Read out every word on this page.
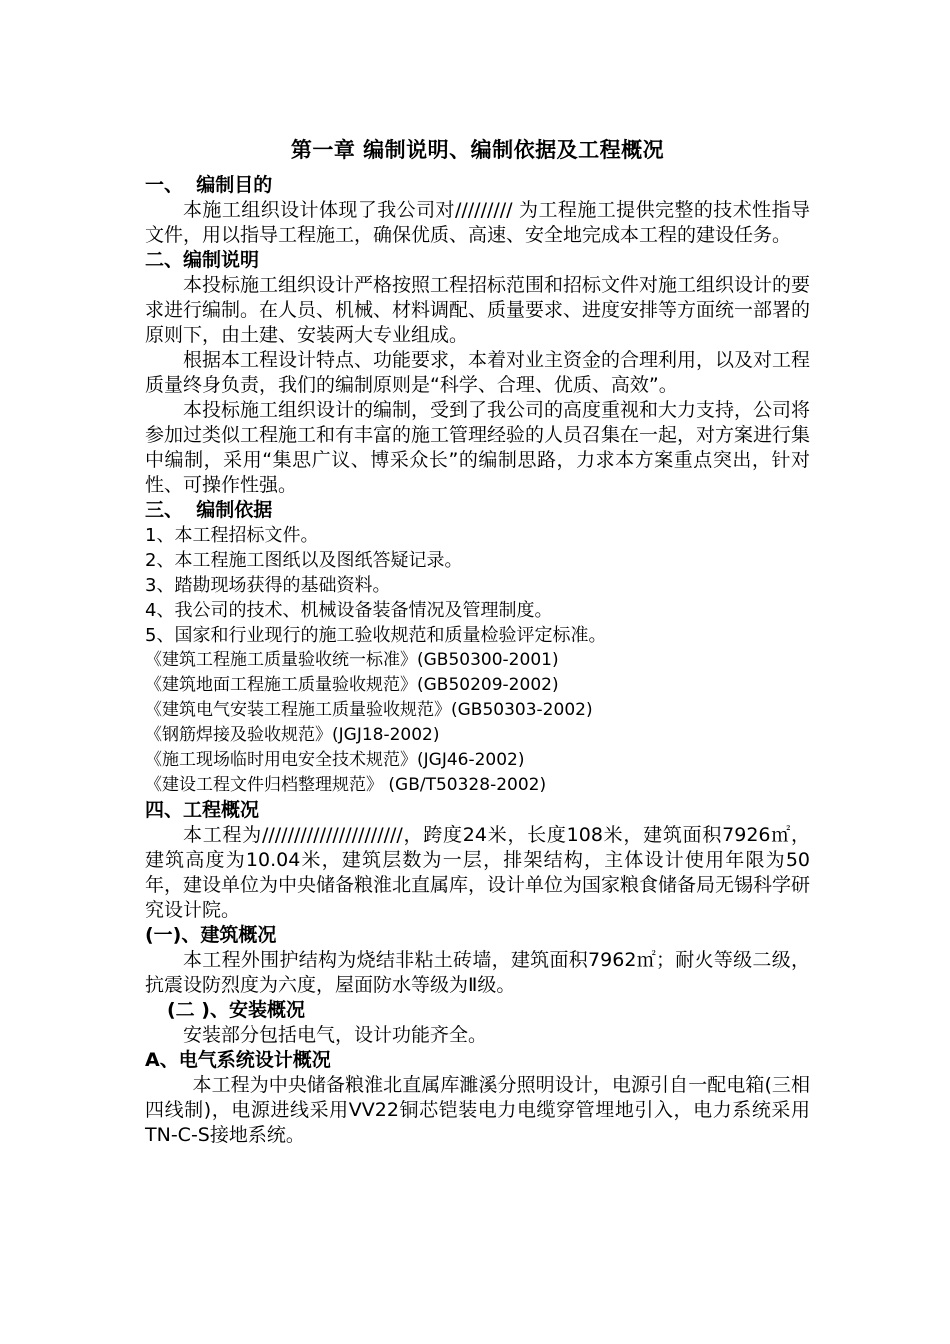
第一章 编制说明、编制依据及工程概况
一、  编制目的
本施工组织设计体现了我公司对///////// 为工程施工提供完整的技术性指导文件，用以指导工程施工，确保优质、高速、安全地完成本工程的建设任务。
二、编制说明
本投标施工组织设计严格按照工程招标范围和招标文件对施工组织设计的要求进行编制。在人员、机械、材料调配、质量要求、进度安排等方面统一部署的原则下，由土建、安装两大专业组成。
根据本工程设计特点、功能要求，本着对业主资金的合理利用，以及对工程质量终身负责，我们的编制原则是“科学、合理、优质、高效”。
本投标施工组织设计的编制，受到了我公司的高度重视和大力支持，公司将参加过类似工程施工和有丰富的施工管理经验的人员召集在一起，对方案进行集中编制，采用“集思广议、博采众长”的编制思路，力求本方案重点突出，针对性、可操作性强。
三、  编制依据
1、本工程招标文件。
2、本工程施工图纸以及图纸答疑记录。
3、踏勘现场获得的基础资料。
4、我公司的技术、机械设备装备情况及管理制度。
5、国家和行业现行的施工验收规范和质量检验评定标准。
《建筑工程施工质量验收统一标准》(GB50300-2001)
《建筑地面工程施工质量验收规范》(GB50209-2002)
《建筑电气安装工程施工质量验收规范》(GB50303-2002)
《钢筋焊接及验收规范》(JGJ18-2002)
《施工现场临时用电安全技术规范》(JGJ46-2002)
《建设工程文件归档整理规范》 (GB/T50328-2002)
四、工程概况
本工程为//////////////////////，跨度24米，长度108米，建筑面积7926㎡，建筑高度为10.04米，建筑层数为一层，排架结构，主体设计使用年限为50年，建设单位为中央储备粮淮北直属库，设计单位为国家粮食储备局无锡科学研究设计院。
(一)、建筑概况
本工程外围护结构为烧结非粘土砖墙，建筑面积7962㎡；耐火等级二级，抗震设防烈度为六度，屋面防水等级为Ⅱ级。
(二 )、安装概况
安装部分包括电气，设计功能齐全。
A、电气系统设计概况
本工程为中央储备粮淮北直属库濉溪分照明设计，电源引自一配电箱(三相四线制)，电源进线采用VV22铜芯铠装电力电缆穿管埋地引入，电力系统采用TN-C-S接地系统。
